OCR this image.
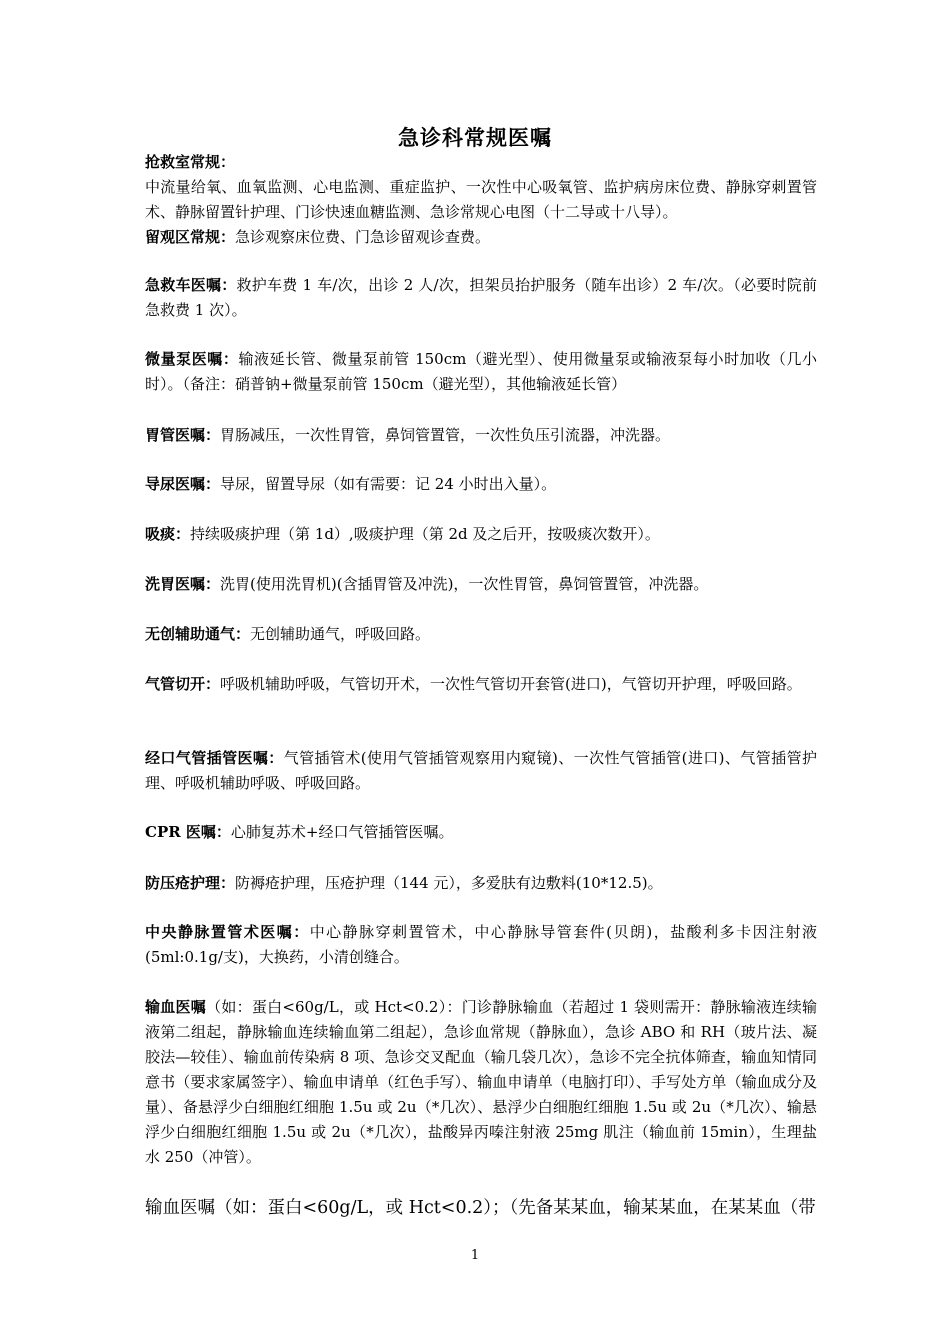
急诊科常规医嘱

抢救室常规：

中流量给氧、血氧监测、心电监测、重症监护、一次性中心吸氧管、监护病房床位费、静脉穿刺置管术、静脉留置针护理、门诊快速血糖监测、急诊常规心电图（十二导或十八导）。

留观区常规：急诊观察床位费、门急诊留观诊查费。

急救车医嘱：救护车费 1 车/次，出诊 2 人/次，担架员抬护服务（随车出诊）2 车/次。（必要时院前急救费 1 次）。

微量泵医嘱：输液延长管、微量泵前管 150cm（避光型）、使用微量泵或输液泵每小时加收（几小时）。（备注：硝普钠+微量泵前管 150cm（避光型），其他输液延长管）

胃管医嘱：胃肠减压，一次性胃管，鼻饲管置管，一次性负压引流器，冲洗器。

导尿医嘱：导尿，留置导尿（如有需要：记 24 小时出入量）。

吸痰：持续吸痰护理（第 1d）,吸痰护理（第 2d 及之后开，按吸痰次数开）。

洗胃医嘱：洗胃(使用洗胃机)(含插胃管及冲洗)，一次性胃管，鼻饲管置管，冲洗器。

无创辅助通气：无创辅助通气，呼吸回路。

气管切开：呼吸机辅助呼吸，气管切开术，一次性气管切开套管(进口)，气管切开护理，呼吸回路。

经口气管插管医嘱：气管插管术(使用气管插管观察用内窥镜)、一次性气管插管(进口)、气管插管护理、呼吸机辅助呼吸、呼吸回路。

CPR 医嘱：心肺复苏术+经口气管插管医嘱。

防压疮护理：防褥疮护理，压疮护理（144 元），多爱肤有边敷料(10*12.5)。

中央静脉置管术医嘱：中心静脉穿刺置管术，中心静脉导管套件(贝朗)，盐酸利多卡因注射液(5ml:0.1g/支)，大换药，小清创缝合。

输血医嘱（如：蛋白<60g/L，或 Hct<0.2）：门诊静脉输血（若超过 1 袋则需开：静脉输液连续输液第二组起，静脉输血连续输血第二组起），急诊血常规（静脉血），急诊 ABO 和 RH（玻片法、凝胶法—较佳）、输血前传染病 8 项、急诊交叉配血（输几袋几次），急诊不完全抗体筛查，输血知情同意书（要求家属签字）、输血申请单（红色手写）、输血申请单（电脑打印）、手写处方单（输血成分及量）、备悬浮少白细胞红细胞 1.5u 或 2u（*几次）、悬浮少白细胞红细胞 1.5u 或 2u（*几次）、输悬浮少白细胞红细胞 1.5u 或 2u（*几次），盐酸异丙嗪注射液 25mg 肌注（输血前 15min），生理盐水 250（冲管）。

输血医嘱（如：蛋白<60g/L，或 Hct<0.2）；（先备某某血，输某某血，在某某血（带

1
